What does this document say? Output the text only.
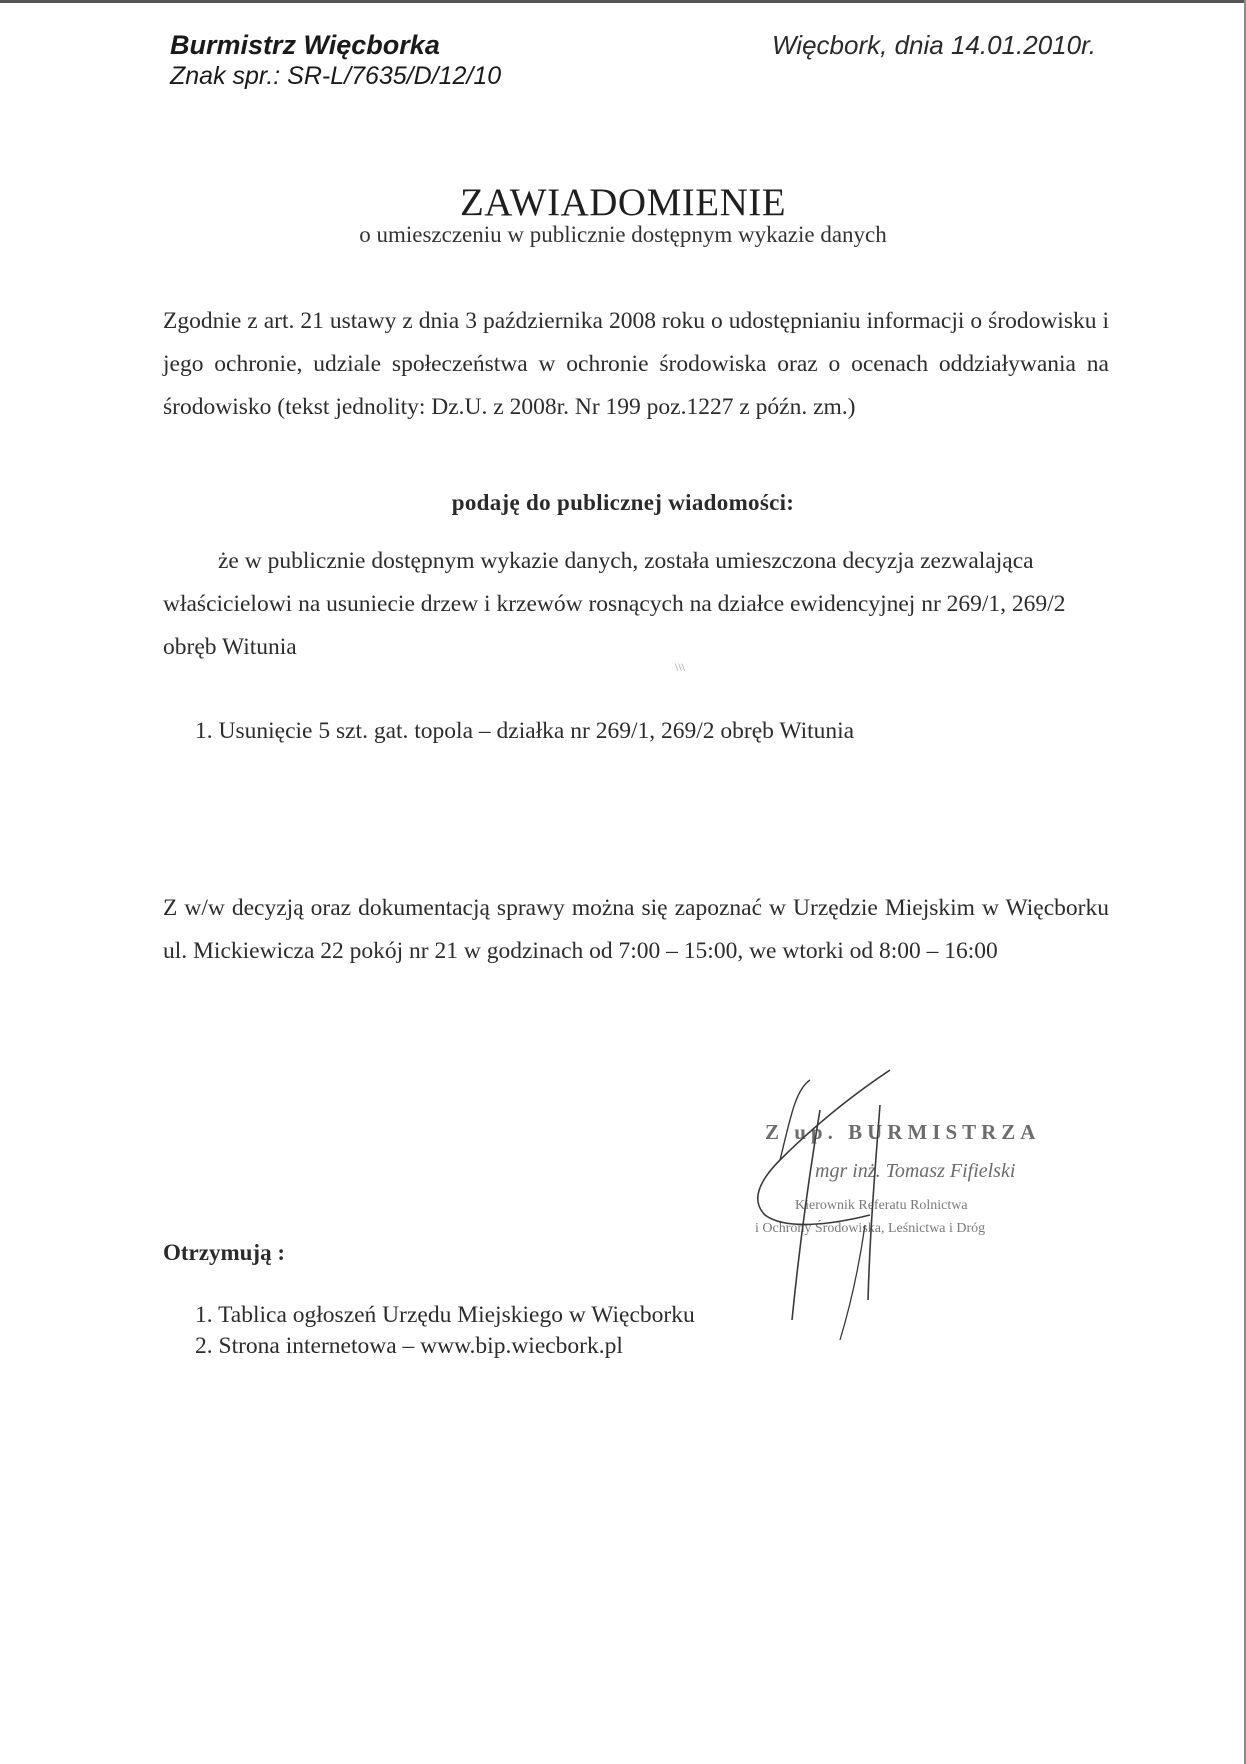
Burmistrz Więcborka
Znak spr.: SR-L/7635/D/12/10
Więcbork, dnia 14.01.2010r.
ZAWIADOMIENIE
o umieszczeniu w publicznie dostępnym wykazie danych
Zgodnie z art. 21 ustawy z dnia 3 października 2008 roku o udostępnianiu informacji o środowisku i jego ochronie, udziale społeczeństwa w ochronie środowiska oraz o ocenach oddziaływania na środowisko (tekst jednolity: Dz.U. z 2008r. Nr 199 poz.1227 z późn. zm.)
podaję do publicznej wiadomości:
że w publicznie dostępnym wykazie danych, została umieszczona decyzja zezwalająca właścicielowi na usuniecie drzew i krzewów rosnących na działce ewidencyjnej nr 269/1, 269/2 obręb Witunia
\\\
1. Usunięcie 5 szt. gat. topola – działka nr 269/1, 269/2 obręb Witunia
Z w/w decyzją oraz dokumentacją sprawy można się zapoznać w Urzędzie Miejskim w Więcborku ul. Mickiewicza 22 pokój nr 21 w godzinach od 7:00 – 15:00, we wtorki od 8:00 – 16:00
Z up. BURMISTRZA
mgr inż. Tomasz Fifielski
Kierownik Referatu Rolnictwa
i Ochrony Środowiska, Leśnictwa i Dróg
Otrzymują :
1. Tablica ogłoszeń Urzędu Miejskiego w Więcborku
2. Strona internetowa – www.bip.wiecbork.pl
